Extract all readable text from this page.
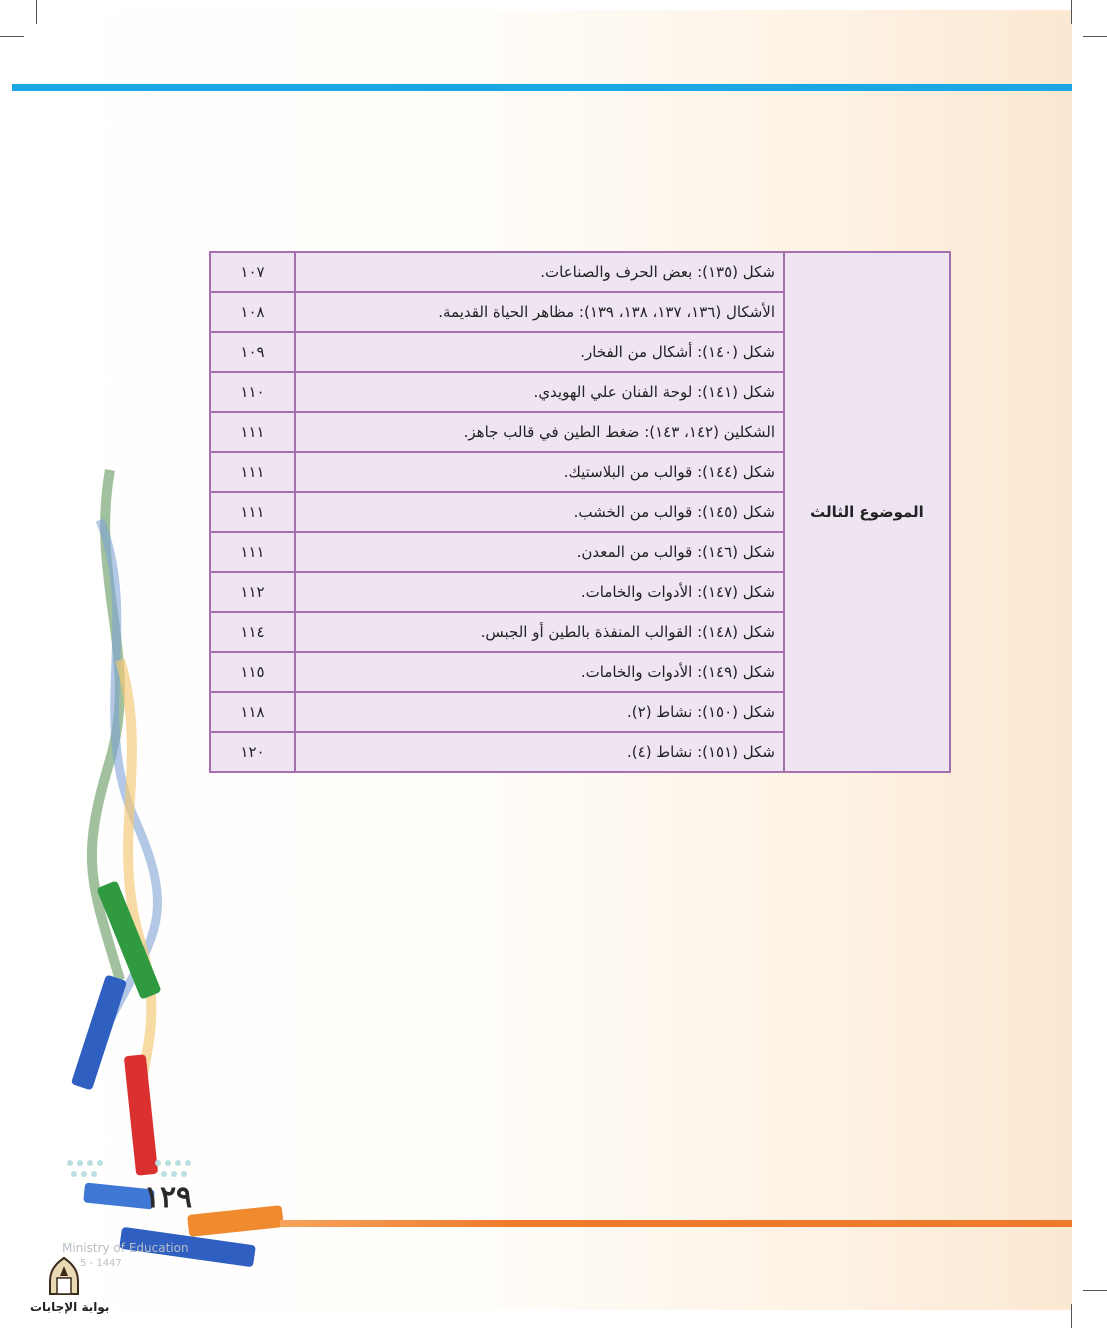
الموضوع الثالث	شكل (١٣٥): بعض الحرف والصناعات.	١٠٧
	الأشكال (١٣٦، ١٣٧، ١٣٨، ١٣٩): مظاهر الحياة القديمة.	١٠٨
	شكل (١٤٠): أشكال من الفخار.	١٠٩
	شكل (١٤١): لوحة الفنان علي الهويدي.	١١٠
	الشكلين (١٤٢، ١٤٣): ضغط الطين في قالب جاهز.	١١١
	شكل (١٤٤): قوالب من البلاستيك.	١١١
	شكل (١٤٥): قوالب من الخشب.	١١١
	شكل (١٤٦): قوالب من المعدن.	١١١
	شكل (١٤٧): الأدوات والخامات.	١١٢
	شكل (١٤٨): القوالب المنفذة بالطين أو الجبس.	١١٤
	شكل (١٤٩): الأدوات والخامات.	١١٥
	شكل (١٥٠): نشاط (٢).	١١٨
	شكل (١٥١): نشاط (٤).	١٢٠
١٢٩
Ministry of Education
5 - 1447
بوابة الإجابات
